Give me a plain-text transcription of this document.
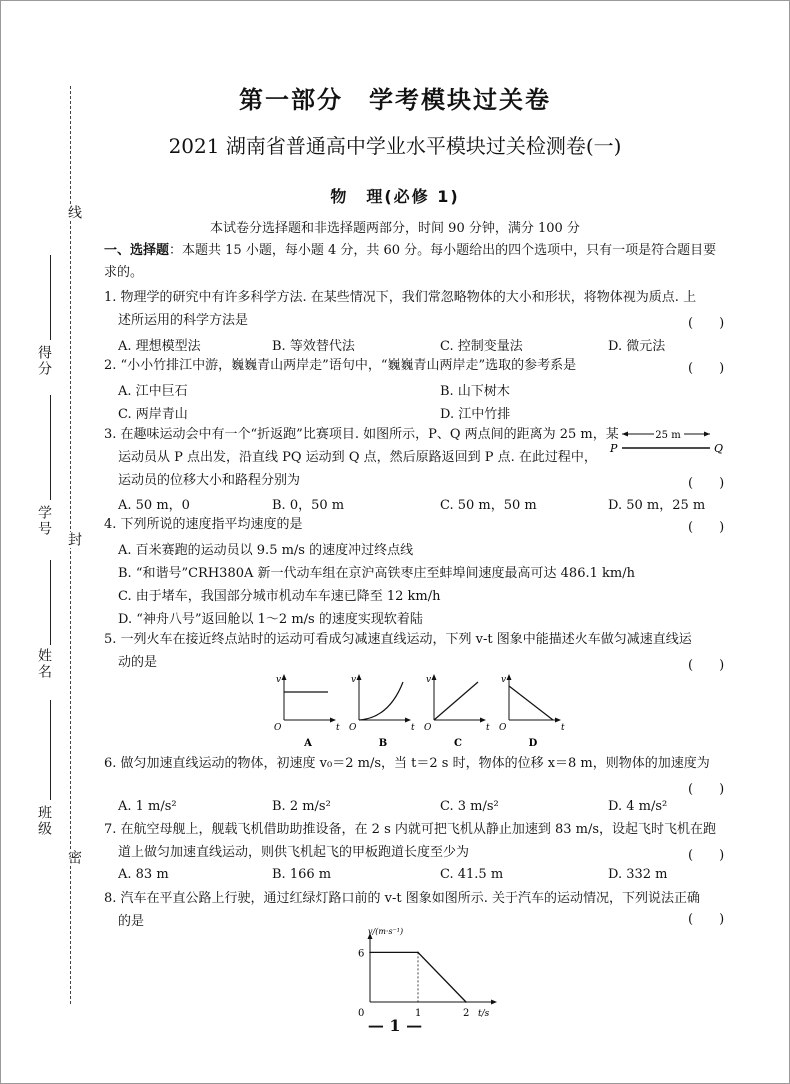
线
封
密
得分
学号
姓名
班级
第一部分　学考模块过关卷
2021 湖南省普通高中学业水平模块过关检测卷(一)
物　理(必修 1)
本试卷分选择题和非选择题两部分，时间 90 分钟，满分 100 分
一、选择题：本题共 15 小题，每小题 4 分，共 60 分。每小题给出的四个选项中，只有一项是符合题目要
求的。
1. 物理学的研究中有许多科学方法. 在某些情况下，我们常忽略物体的大小和形状，将物体视为质点. 上
述所运用的科学方法是	(　　)
A. 理想模型法	B. 等效替代法	C. 控制变量法	D. 微元法
2. “小小竹排江中游，巍巍青山两岸走”语句中，“巍巍青山两岸走”选取的参考系是	(　　)
A. 江中巨石	B. 山下树木
C. 两岸青山	D. 江中竹排
3. 在趣味运动会中有一个“折返跑”比赛项目. 如图所示，P、Q 两点间的距离为 25 m，某
运动员从 P 点出发，沿直线 PQ 运动到 Q 点，然后原路返回到 P 点. 在此过程中，
运动员的位移大小和路程分别为	(　　)
25 m
P	Q
A. 50 m，0	B. 0，50 m	C. 50 m，50 m	D. 50 m，25 m
4. 下列所说的速度指平均速度的是	(　　)
A. 百米赛跑的运动员以 9.5 m/s 的速度冲过终点线
B. “和谐号”CRH380A 新一代动车组在京沪高铁枣庄至蚌埠间速度最高可达 486.1 km/h
C. 由于堵车，我国部分城市机动车车速已降至 12 km/h
D. “神舟八号”返回舱以 1～2 m/s 的速度实现软着陆
5. 一列火车在接近终点站时的运动可看成匀减速直线运动，下列 v-t 图象中能描述火车做匀减速直线运
动的是	(　　)
v
t
O
A
v
t
O
B
v
t
O
C
v
t
O
D
6. 做匀加速直线运动的物体，初速度 v₀＝2 m/s，当 t＝2 s 时，物体的位移 x＝8 m，则物体的加速度为
(　　)
A. 1 m/s²	B. 2 m/s²	C. 3 m/s²	D. 4 m/s²
7. 在航空母舰上，舰载飞机借助助推设备，在 2 s 内就可把飞机从静止加速到 83 m/s，设起飞时飞机在跑
道上做匀加速直线运动，则供飞机起飞的甲板跑道长度至少为	(　　)
A. 83 m	B. 166 m	C. 41.5 m	D. 332 m
8. 汽车在平直公路上行驶，通过红绿灯路口前的 v-t 图象如图所示. 关于汽车的运动情况，下列说法正确
的是	(　　)
v/(m·s⁻¹)
t/s
6
0	1	2
— 1 —
